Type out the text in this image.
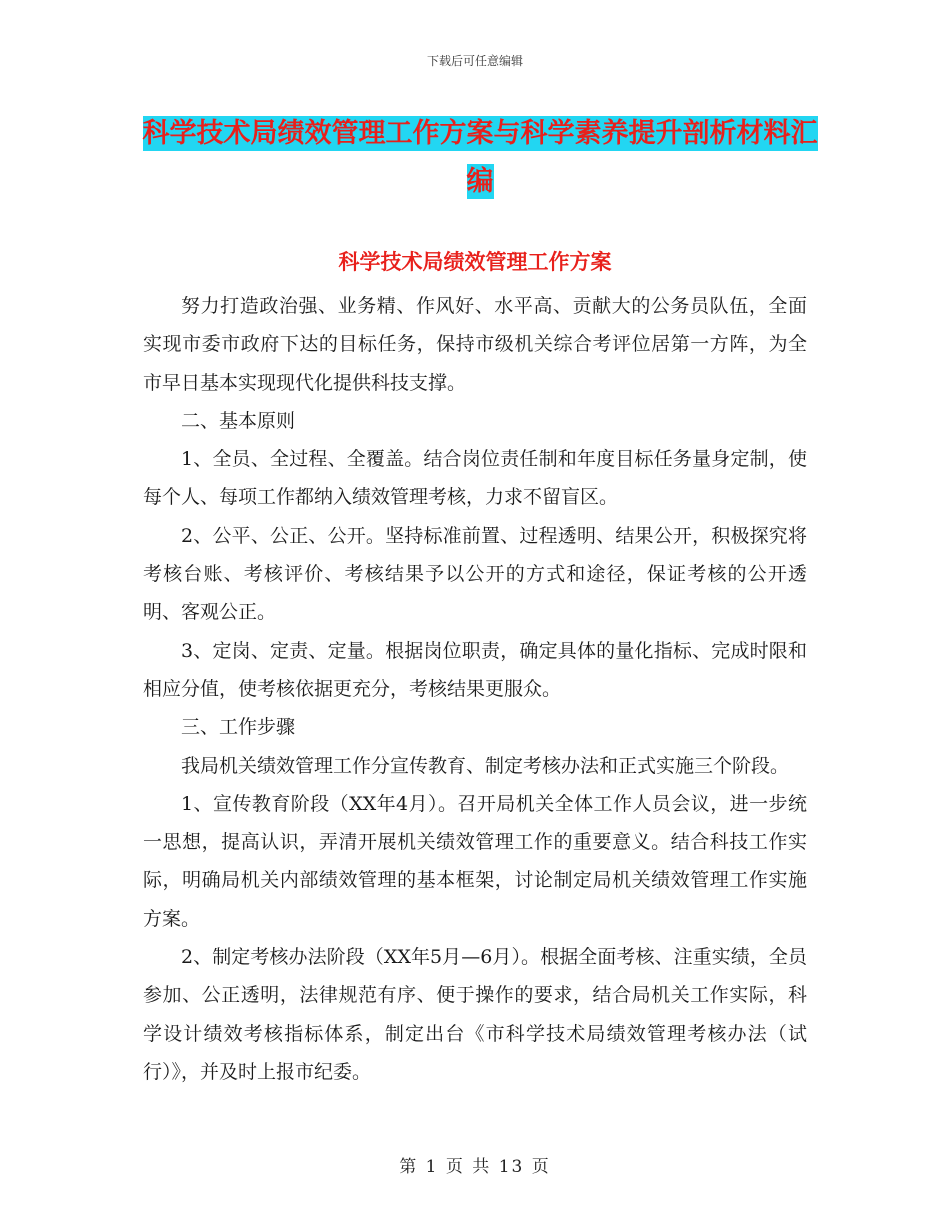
下载后可任意编辑
科学技术局绩效管理工作方案与科学素养提升剖析材料汇编
科学技术局绩效管理工作方案

努力打造政治强、业务精、作风好、水平高、贡献大的公务员队伍，全面实现市委市政府下达的目标任务，保持市级机关综合考评位居第一方阵，为全市早日基本实现现代化提供科技支撑。

二、基本原则

1、全员、全过程、全覆盖。结合岗位责任制和年度目标任务量身定制，使每个人、每项工作都纳入绩效管理考核，力求不留盲区。

2、公平、公正、公开。坚持标准前置、过程透明、结果公开，积极探究将考核台账、考核评价、考核结果予以公开的方式和途径，保证考核的公开透明、客观公正。

3、定岗、定责、定量。根据岗位职责，确定具体的量化指标、完成时限和相应分值，使考核依据更充分，考核结果更服众。

三、工作步骤

我局机关绩效管理工作分宣传教育、制定考核办法和正式实施三个阶段。

1、宣传教育阶段（XX年4月）。召开局机关全体工作人员会议，进一步统一思想，提高认识，弄清开展机关绩效管理工作的重要意义。结合科技工作实际，明确局机关内部绩效管理的基本框架，讨论制定局机关绩效管理工作实施方案。

2、制定考核办法阶段（XX年5月—6月）。根据全面考核、注重实绩，全员参加、公正透明，法律规范有序、便于操作的要求，结合局机关工作实际，科学设计绩效考核指标体系，制定出台《市科学技术局绩效管理考核办法（试行）》，并及时上报市纪委。

第 1 页 共 13 页
